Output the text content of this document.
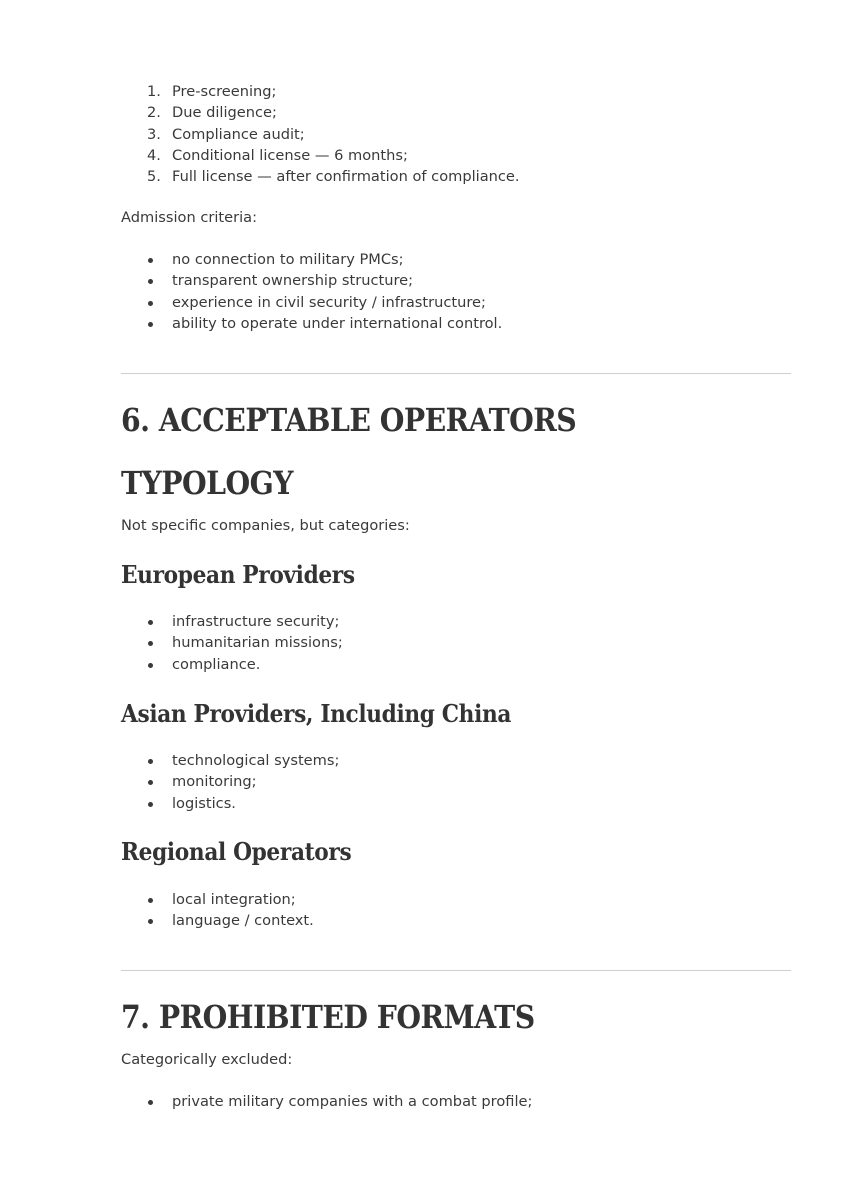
1. Pre-screening;
2. Due diligence;
3. Compliance audit;
4. Conditional license — 6 months;
5. Full license — after confirmation of compliance.

Admission criteria:

no connection to military PMCs;
transparent ownership structure;
experience in civil security / infrastructure;
ability to operate under international control.
6. ACCEPTABLE OPERATORS
TYPOLOGY

Not specific companies, but categories:

European Providers
infrastructure security;
humanitarian missions;
compliance.
Asian Providers, Including China
technological systems;
monitoring;
logistics.
Regional Operators
local integration;
language / context.
7. PROHIBITED FORMATS

Categorically excluded:

private military companies with a combat profile;
